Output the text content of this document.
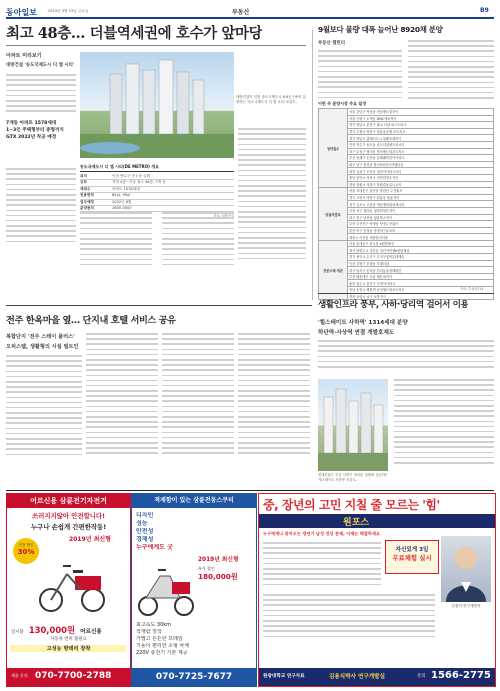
동아일보	2019년 3월 15일 금요일	부동산	B9
최고 48층… 더블역세권에 호수가 앞마당
아파트 미리보기
대방건설 '송도국제도시 디 엘 시티'
7개동 아파트 1578세대
1~3인 주택형부터 중형까지
GTX 2022년 착공 예정
대방건설이 인천 송도국제도시 6·8공구에서 분양하는 '송도국제도시 디 엘 시티' 조감도.
송도국제도시 디 엘 시티(DE METRO) 개요
위치	인천 연수구 송도동 일원
규모	지하 4층~지상 최고 48층, 7개 동
세대수	아파트 1578세대
전용면적	84㎡, 99㎡
입주예정	2022년 8월
분양문의	1600-0000
9월보다 물량 대폭 늘어난 8920채 분양
부동산 캘린더
이번 주 분양시장 주요 일정
청약접수	서울 강남구 역삼동 역삼센트럴자이
	서울 은평구 수색동 DMC에코자이
	경기 성남시 분당구 판교 더샵 퍼스트파크
	경기 수원시 영통구 영흥숲공원 푸르지오
	경기 하남시 위례신도시 위례포레자이
	인천 연수구 송도동 송도더샵센트럴시티
	대구 수성구 범어동 범어센트럴푸르지오
	부산 동래구 온천동 동래래미안아이파크
	광주 남구 봉선동 봉선3차한국아델리움
	대전 유성구 도안동 대전아이파크시티
	충남 천안시 서북구 천안한양수자인
	경남 창원시 의창구 창원중동유니시티
당첨자발표	서울 서대문구 홍은동 북한산 두산위브
	경기 고양시 덕양구 원흥동 원흥자이
	경기 김포시 고촌읍 캐슬앤파밀리에시티
	인천 서구 청라동 청라한양수자인
	대구 중구 남산동 청라힐스자이
	부산 부산진구 양정동 양정두산위브
	울산 북구 송정동 송정지구유보라
	세종시 어진동 세종한신더휴
견본주택 개관	서울 동대문구 용두동 e편한세상
	경기 남양주시 다산동 다산자연앤e편한세상
	경기 용인시 수지구 수지구청역롯데캐슬
	인천 부평구 부평동 부평더샵
	대구 달서구 본리동 본리동효성해링턴
	부산 해운대구 우동 해운대자이
	충북 청주시 흥덕구 가경아이파크
	전남 순천시 해룡면 순천센트럴푸르지오
	경북 포항시 남구 포항자이
자료: 부동산114
생활인프라 풍부, 사하·당리역 걸어서 이용
'힐스테이트 사하역' 1314세대 분양
하단역·사상역 연결 개발호재도
현대건설이 부산 사하구 당리동 일원에 공급하는 '힐스테이트 사하역' 조감도.
전주 한옥마을 옆… 단지내 호텔 서비스 공유
복합단지 '전주 스테이 플러스'
오피스텔, 생활형의 시설 빌트인
어르신용 삼륜전기자전거
쓰러지지않아 안전합니다!
누구나 손쉽게 간편한작동!
2019년 최신형
전점 할인
30%
일시불 130,000원 어르신용
자동차 면허 불필요
고성능 방데리 장착
제품 문의 070-7700-2788
적재함이 있는 삼륜전동스쿠터
디자인
성능
안전성
경제성
누구에게도 굿
2019년 최신형
특가 할인
180,000원
최고속도 30km
적재함 장착
가볍고 튼튼한 프레임
기동이 편리한 소형 차체
220V 충전기 기본 제공
070-7725-7677
중, 장년의 고민 지칠 줄 모르는 '힘'
원포스
누구에게나 찾아오는 갱년기 남성 건강 문제, 이제는 해결하세요
자신있게 3일
무료체험 실시
김용식 연구개발자
원광대학교 연구자료	김용식박사 연구개발실	문의 1566-2775
